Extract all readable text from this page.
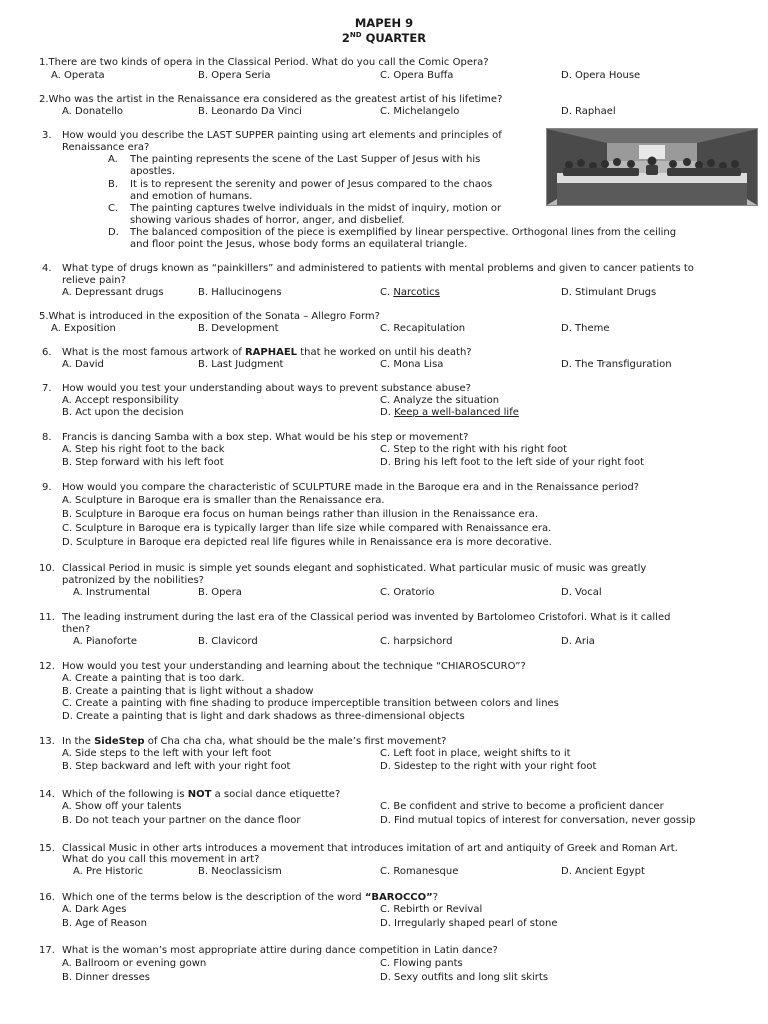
MAPEH 9
2ND QUARTER
1.There are two kinds of opera in the Classical Period. What do you call the Comic Opera?
A. Operata	B. Opera Seria	C. Opera Buffa	D. Opera House
2.Who was the artist in the Renaissance era considered as the greatest artist of his lifetime?
A. Donatello	B. Leonardo Da Vinci	C. Michelangelo	D. Raphael
3. How would you describe the LAST SUPPER painting using art elements and principles of
Renaissance era?
A. The painting represents the scene of the Last Supper of Jesus with his
apostles.
B. It is to represent the serenity and power of Jesus compared to the chaos
and emotion of humans.
C. The painting captures twelve individuals in the midst of inquiry, motion or
showing various shades of horror, anger, and disbelief.
D. The balanced composition of the piece is exemplified by linear perspective. Orthogonal lines from the ceiling
and floor point the Jesus, whose body forms an equilateral triangle.
4. What type of drugs known as “painkillers” and administered to patients with mental problems and given to cancer patients to
relieve pain?
A. Depressant drugs	B. Hallucinogens	C. Narcotics	D. Stimulant Drugs
5.What is introduced in the exposition of the Sonata – Allegro Form?
A. Exposition	B. Development	C. Recapitulation	D. Theme
6. What is the most famous artwork of RAPHAEL that he worked on until his death?
A. David	B. Last Judgment	C. Mona Lisa	D. The Transfiguration
7. How would you test your understanding about ways to prevent substance abuse?
A. Accept responsibility
B. Act upon the decision
C. Analyze the situation
D. Keep a well-balanced life
8. Francis is dancing Samba with a box step. What would be his step or movement?
A. Step his right foot to the back
B. Step forward with his left foot
C. Step to the right with his right foot
D. Bring his left foot to the left side of your right foot
9. How would you compare the characteristic of SCULPTURE made in the Baroque era and in the Renaissance period?
A. Sculpture in Baroque era is smaller than the Renaissance era.
B. Sculpture in Baroque era focus on human beings rather than illusion in the Renaissance era.
C. Sculpture in Baroque era is typically larger than life size while compared with Renaissance era.
D. Sculpture in Baroque era depicted real life figures while in Renaissance era is more decorative.
10. Classical Period in music is simple yet sounds elegant and sophisticated. What particular music of music was greatly
patronized by the nobilities?
A. Instrumental	B. Opera	C. Oratorio	D. Vocal
11. The leading instrument during the last era of the Classical period was invented by Bartolomeo Cristofori. What is it called
then?
A. Pianoforte	B. Clavicord	C. harpsichord	D. Aria
12. How would you test your understanding and learning about the technique “CHIAROSCURO”?
A. Create a painting that is too dark.
B. Create a painting that is light without a shadow
C. Create a painting with fine shading to produce imperceptible transition between colors and lines
D. Create a painting that is light and dark shadows as three-dimensional objects
13. In the SideStep of Cha cha cha, what should be the male’s first movement?
A. Side steps to the left with your left foot
B. Step backward and left with your right foot
C. Left foot in place, weight shifts to it
D. Sidestep to the right with your right foot
14. Which of the following is NOT a social dance etiquette?
A. Show off your talents
B. Do not teach your partner on the dance floor
C. Be confident and strive to become a proficient dancer
D. Find mutual topics of interest for conversation, never gossip
15. Classical Music in other arts introduces a movement that introduces imitation of art and antiquity of Greek and Roman Art.
What do you call this movement in art?
A. Pre Historic	B. Neoclassicism	C. Romanesque	D. Ancient Egypt
16. Which one of the terms below is the description of the word “BAROCCO”?
A. Dark Ages
B. Age of Reason
C. Rebirth or Revival
D. Irregularly shaped pearl of stone
17. What is the woman’s most appropriate attire during dance competition in Latin dance?
A. Ballroom or evening gown
B. Dinner dresses
C. Flowing pants
D. Sexy outfits and long slit skirts
